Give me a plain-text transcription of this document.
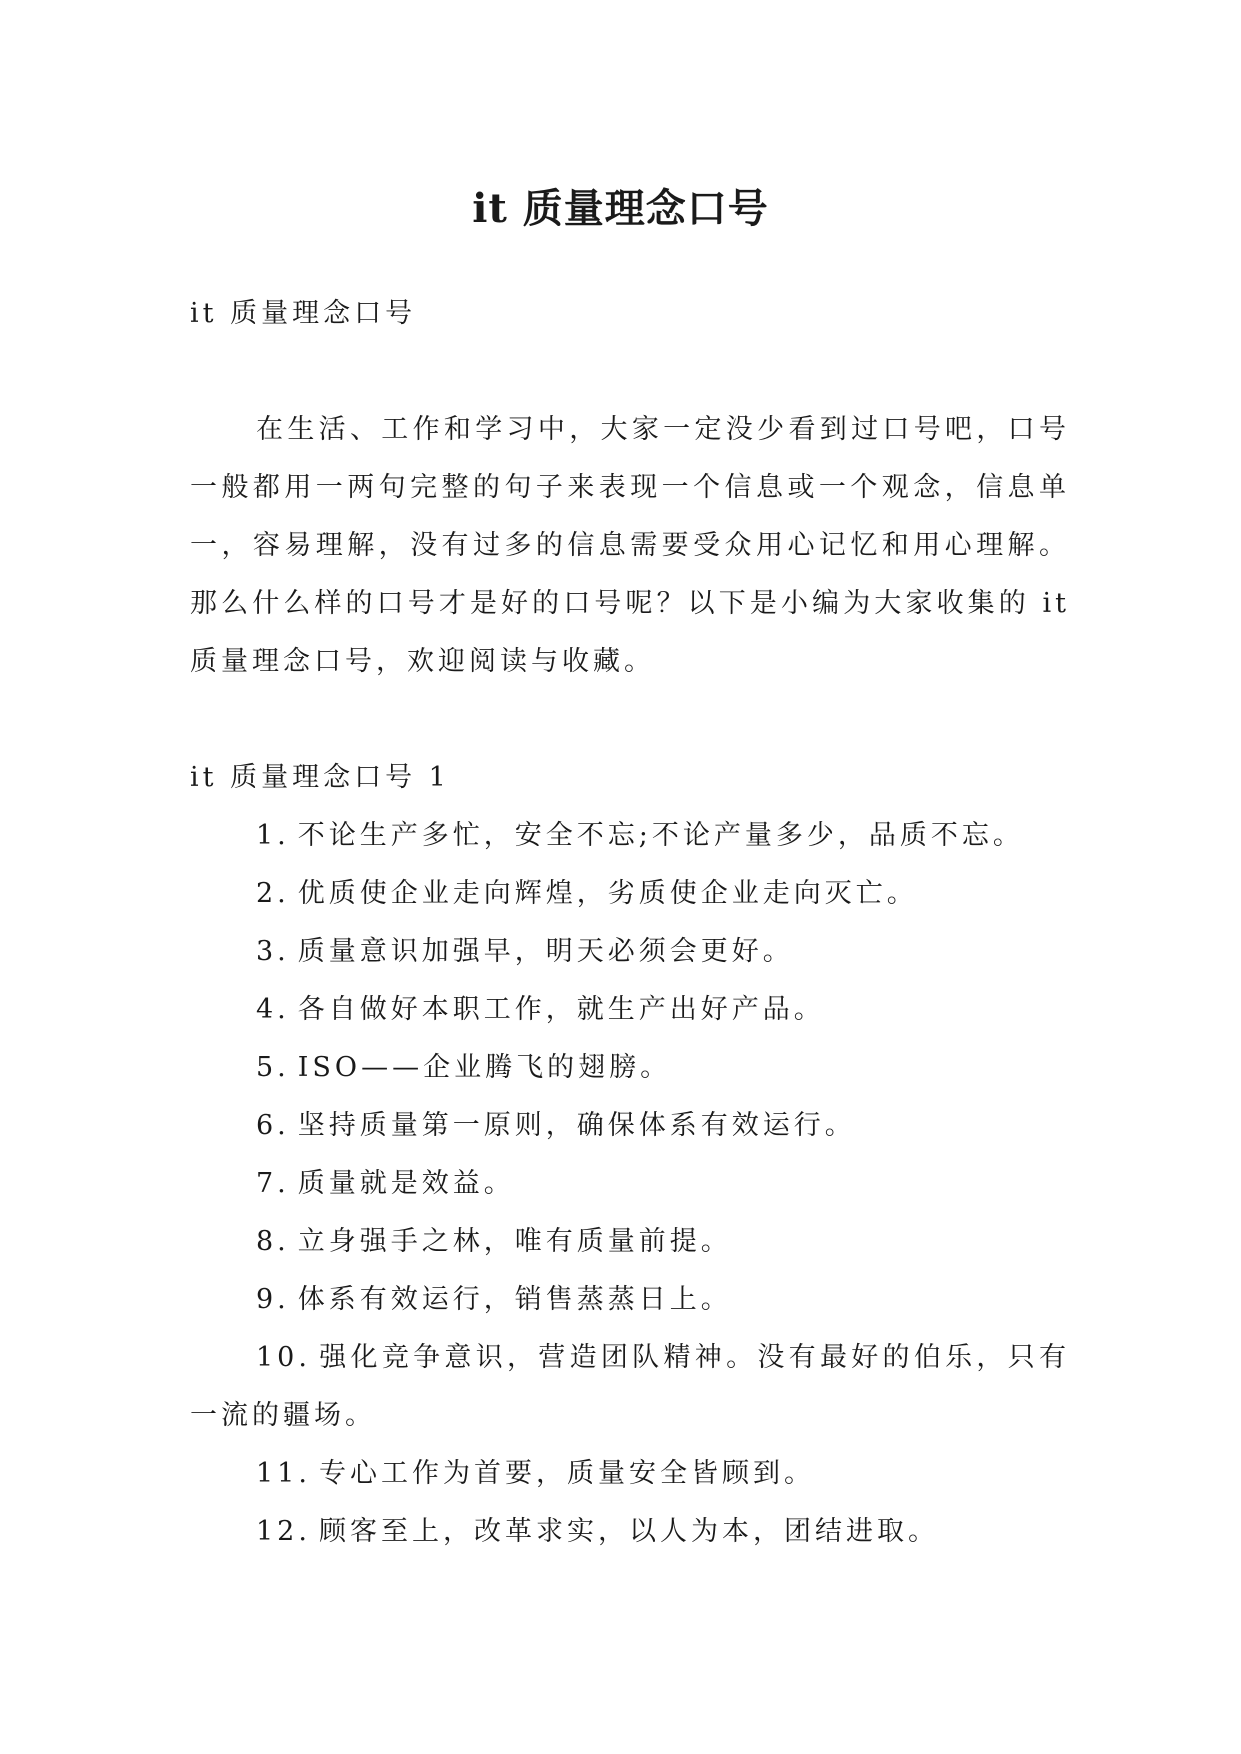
it 质量理念口号

it 质量理念口号

在生活、工作和学习中，大家一定没少看到过口号吧，口号一般都用一两句完整的句子来表现一个信息或一个观念，信息单一，容易理解，没有过多的信息需要受众用心记忆和用心理解。那么什么样的口号才是好的口号呢？以下是小编为大家收集的 it 质量理念口号，欢迎阅读与收藏。

it 质量理念口号 1

1. 不论生产多忙，安全不忘;不论产量多少，品质不忘。
2. 优质使企业走向辉煌，劣质使企业走向灭亡。
3. 质量意识加强早，明天必须会更好。
4. 各自做好本职工作，就生产出好产品。
5. ISO——企业腾飞的翅膀。
6. 坚持质量第一原则，确保体系有效运行。
7. 质量就是效益。
8. 立身强手之林，唯有质量前提。
9. 体系有效运行，销售蒸蒸日上。
10. 强化竞争意识，营造团队精神。没有最好的伯乐，只有一流的疆场。
11. 专心工作为首要，质量安全皆顾到。
12. 顾客至上，改革求实，以人为本，团结进取。
